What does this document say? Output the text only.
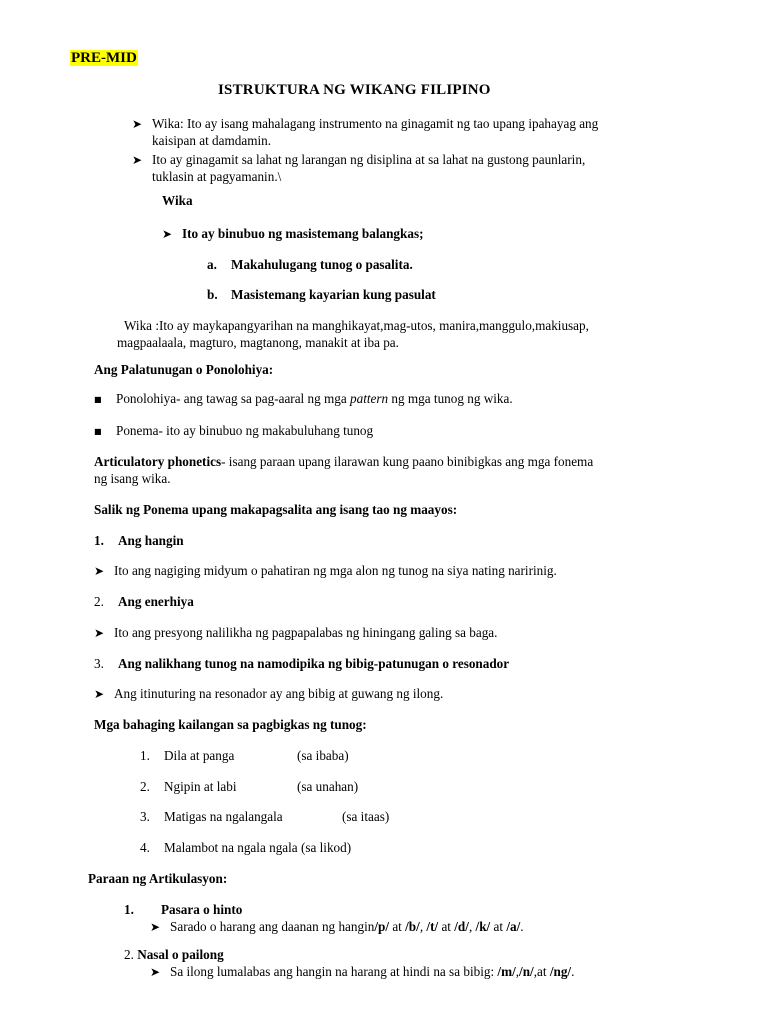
PRE-MID
ISTRUKTURA NG WIKANG FILIPINO
➤ Wika: Ito ay isang mahalagang instrumento na ginagamit ng tao upang ipahayag ang
kaisipan at damdamin.
➤ Ito ay ginagamit sa lahat ng larangan ng disiplina at sa lahat na gustong paunlarin,
tuklasin at pagyamanin.\
Wika
➤ Ito ay binubuo ng masistemang balangkas;
a. Makahulugang tunog o pasalita.
b. Masistemang kayarian kung pasulat
Wika :Ito ay maykapangyarihan na manghikayat,mag-utos, manira,manggulo,makiusap,
magpaalaala, magturo, magtanong, manakit at iba pa.
Ang Palatunugan o Ponolohiya:
■ Ponolohiya- ang tawag sa pag-aaral ng mga pattern ng mga tunog ng wika.
■ Ponema- ito ay binubuo ng makabuluhang tunog
Articulatory phonetics- isang paraan upang ilarawan kung paano binibigkas ang mga fonema
ng isang wika.
Salik ng Ponema upang makapagsalita ang isang tao ng maayos:
1. Ang hangin
➤ Ito ang nagiging midyum o pahatiran ng mga alon ng tunog na siya nating naririnig.
2. Ang enerhiya
➤ Ito ang presyong nalilikha ng pagpapalabas ng hiningang galing sa baga.
3. Ang nalikhang tunog na namodipika ng bibig-patunugan o resonador
➤ Ang itinuturing na resonador ay ang bibig at guwang ng ilong.
Mga bahaging kailangan sa pagbigkas ng tunog:
1. Dila at panga	(sa ibaba)
2. Ngipin at labi	(sa unahan)
3. Matigas na ngalangala	(sa itaas)
4. Malambot na ngala ngala (sa likod)
Paraan ng Artikulasyon:
1. Pasara o hinto
➤ Sarado o harang ang daanan ng hangin/p/ at /b/, /t/ at /d/, /k/ at /a/.
2. Nasal o pailong
➤ Sa ilong lumalabas ang hangin na harang at hindi na sa bibig: /m/,/n/,at /ng/.
